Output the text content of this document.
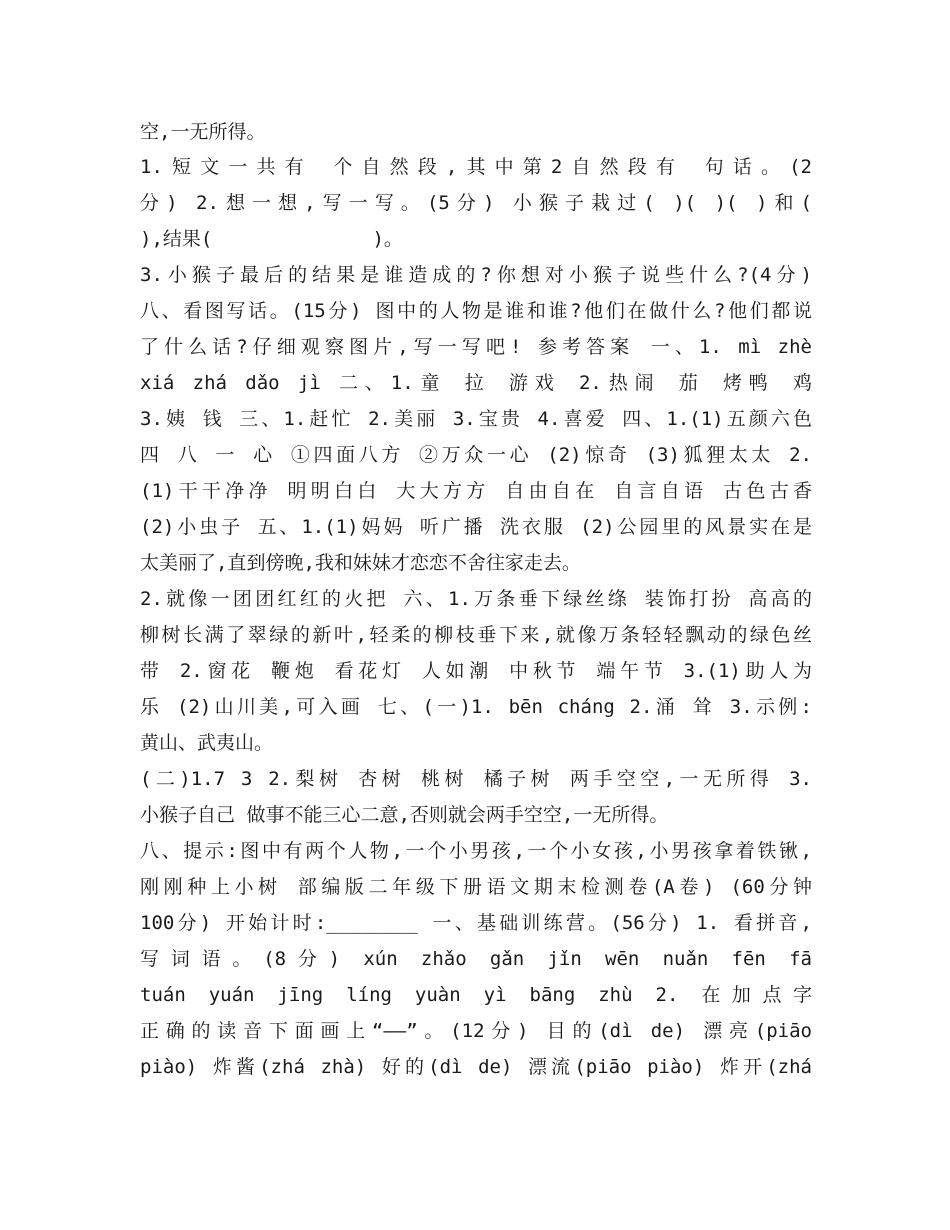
空,一无所得。
1.短文一共有 个自然段,其中第2自然段有 句话。(2
分) 2.想一想,写一写。(5分) 小猴子栽过( )( )( )和(
),结果(              )。
3.小猴子最后的结果是谁造成的?你想对小猴子说些什么?(4分)
八、看图写话。(15分) 图中的人物是谁和谁?他们在做什么?他们都说
了什么话?仔细观察图片,写一写吧! 参考答案 一、1. mì zhè
xiá zhá dǎo jì 二、1.童 拉 游戏 2.热闹 茄 烤鸭 鸡
3.姨 钱 三、1.赶忙 2.美丽 3.宝贵 4.喜爱 四、1.(1)五颜六色
四 八 一 心 ①四面八方 ②万众一心 (2)惊奇 (3)狐狸太太 2.
(1)干干净净 明明白白 大大方方 自由自在 自言自语 古色古香
(2)小虫子 五、1.(1)妈妈 听广播 洗衣服 (2)公园里的风景实在是
太美丽了,直到傍晚,我和妹妹才恋恋不舍往家走去。
2.就像一团团红红的火把 六、1.万条垂下绿丝绦 装饰打扮 高高的
柳树长满了翠绿的新叶,轻柔的柳枝垂下来,就像万条轻轻飘动的绿色丝
带 2.窗花 鞭炮 看花灯 人如潮 中秋节 端午节 3.(1)助人为
乐 (2)山川美,可入画 七、(一)1. bēn cháng 2.涌 耸 3.示例:
黄山、武夷山。
(二)1.7 3 2.梨树 杏树 桃树 橘子树 两手空空,一无所得 3.
小猴子自己 做事不能三心二意,否则就会两手空空,一无所得。
八、提示:图中有两个人物,一个小男孩,一个小女孩,小男孩拿着铁锹,
刚刚种上小树 部编版二年级下册语文期末检测卷(A卷) (60分钟
100分) 开始计时:________ 一、基础训练营。(56分) 1. 看拼音,
写词语。(8分) xún zhǎo gǎn jǐn wēn nuǎn fēn fā
tuán yuán jīng líng yuàn yì bāng zhù 2. 在加点字
正确的读音下面画上“——”。(12分) 目的(dì de) 漂亮(piāo
piào) 炸酱(zhá zhà) 好的(dì de) 漂流(piāo piào) 炸开(zhá
